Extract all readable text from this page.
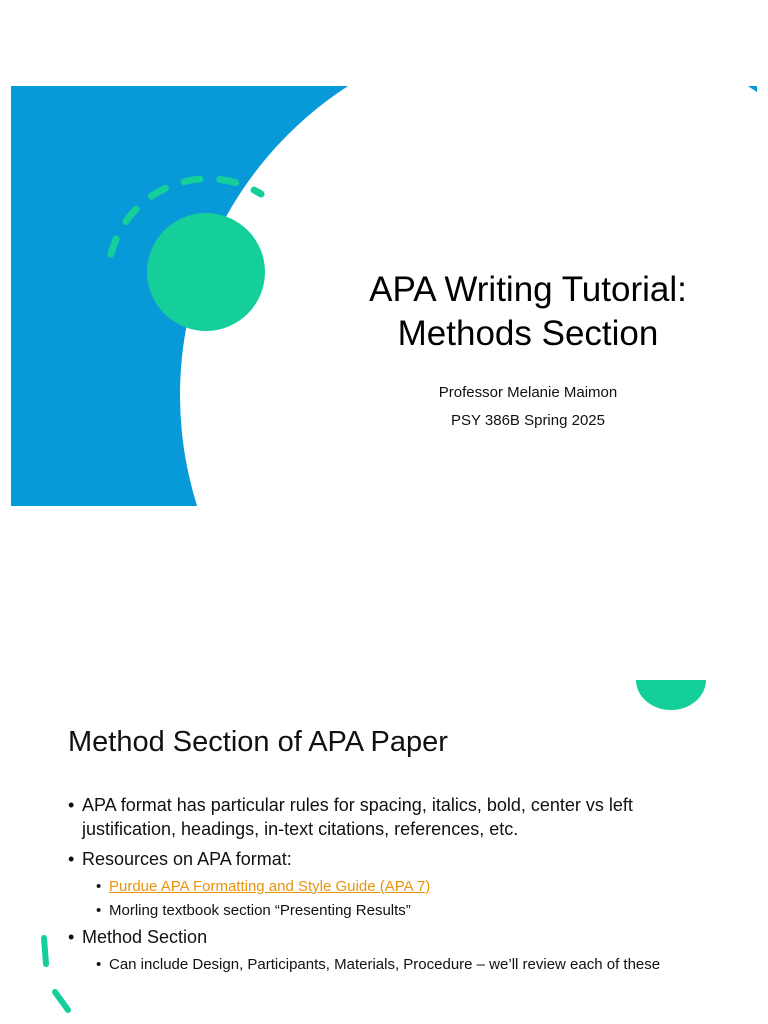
APA Writing Tutorial:
Methods Section
Professor Melanie Maimon
PSY 386B Spring 2025
Method Section of APA Paper
• APA format has particular rules for spacing, italics, bold, center vs left justification, headings, in-text citations, references, etc.
• Resources on APA format:
• Purdue APA Formatting and Style Guide (APA 7)
• Morling textbook section “Presenting Results”
• Method Section
• Can include Design, Participants, Materials, Procedure – we’ll review each of these
